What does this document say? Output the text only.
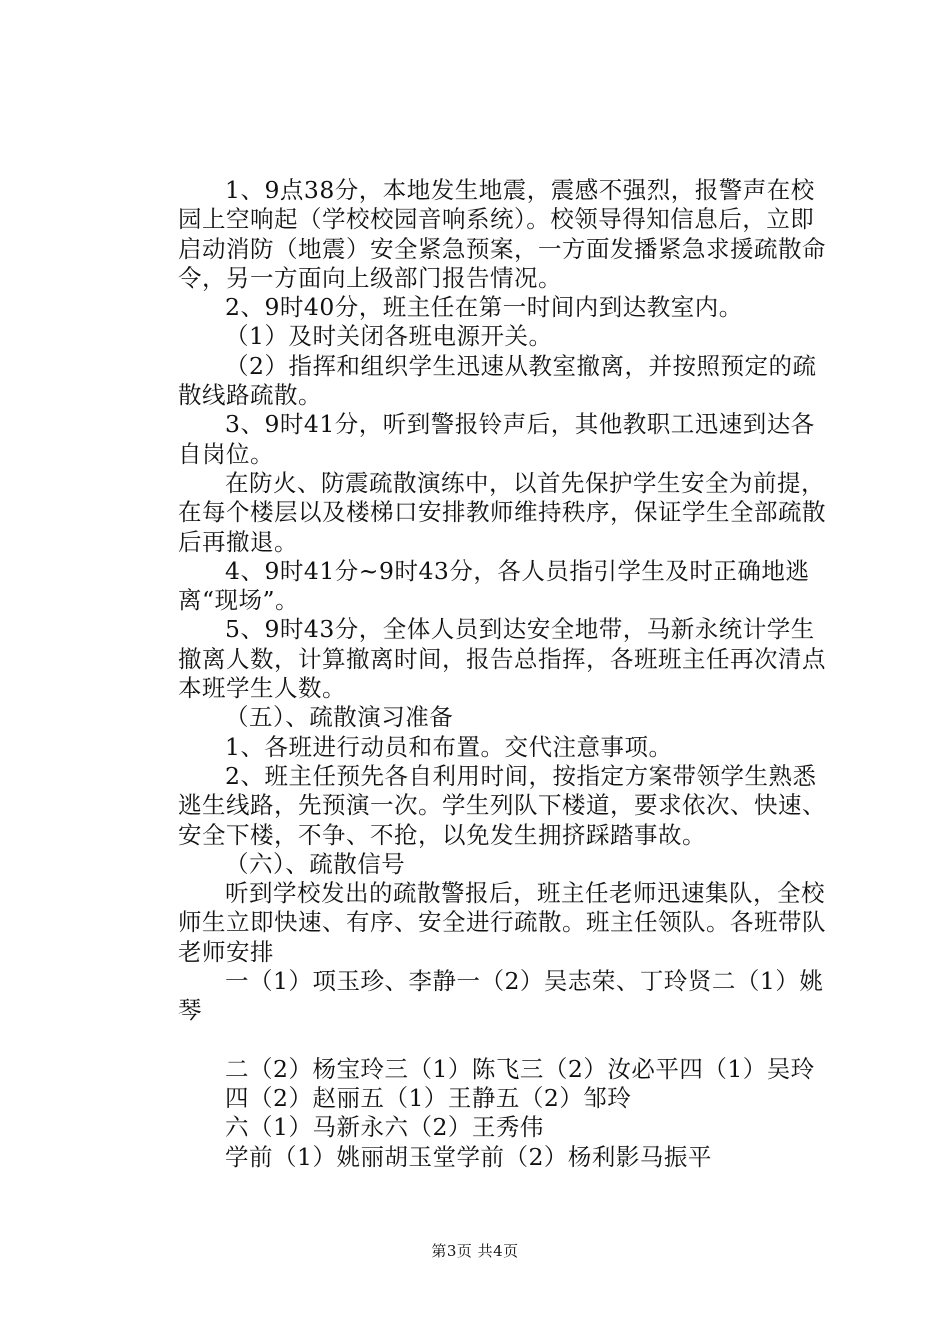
1、9点38分，本地发生地震，震感不强烈，报警声在校园上空响起（学校校园音响系统）。校领导得知信息后，立即启动消防（地震）安全紧急预案，一方面发播紧急求援疏散命令，另一方面向上级部门报告情况。

2、9时40分，班主任在第一时间内到达教室内。

（1）及时关闭各班电源开关。

（2）指挥和组织学生迅速从教室撤离，并按照预定的疏散线路疏散。

3、9时41分，听到警报铃声后，其他教职工迅速到达各自岗位。

在防火、防震疏散演练中，以首先保护学生安全为前提，在每个楼层以及楼梯口安排教师维持秩序，保证学生全部疏散后再撤退。

4、9时41分~9时43分，各人员指引学生及时正确地逃离“现场”。

5、9时43分，全体人员到达安全地带，马新永统计学生撤离人数，计算撤离时间，报告总指挥，各班班主任再次清点本班学生人数。

（五）、疏散演习准备

1、各班进行动员和布置。交代注意事项。

2、班主任预先各自利用时间，按指定方案带领学生熟悉逃生线路，先预演一次。学生列队下楼道，要求依次、快速、安全下楼，不争、不抢，以免发生拥挤踩踏事故。

（六）、疏散信号

听到学校发出的疏散警报后，班主任老师迅速集队，全校师生立即快速、有序、安全进行疏散。班主任领队。各班带队老师安排

一（1）项玉珍、李静一（2）吴志荣、丁玲贤二（1）姚琴

二（2）杨宝玲三（1）陈飞三（2）汝必平四（1）吴玲

四（2）赵丽五（1）王静五（2）邹玲

六（1）马新永六（2）王秀伟

学前（1）姚丽胡玉堂学前（2）杨利影马振平

第3页 共4页
